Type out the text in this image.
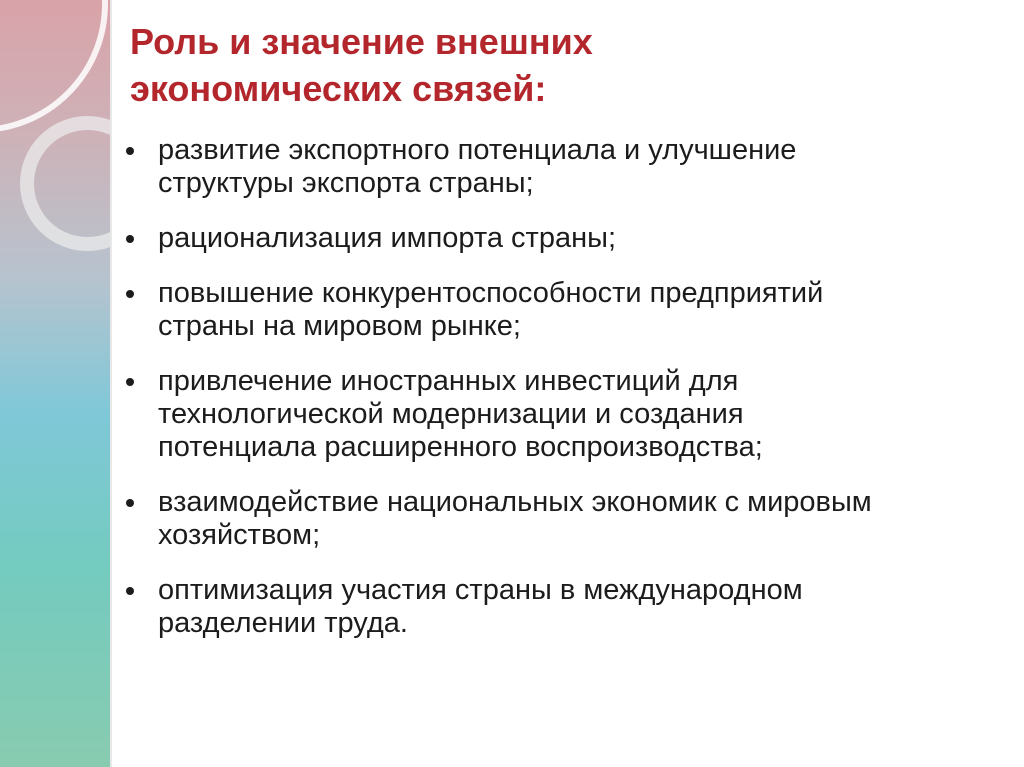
Роль и значение внешних
экономических связей:
развитие экспортного потенциала и улучшение
структуры экспорта страны;
рационализация импорта страны;
повышение конкурентоспособности предприятий
страны на мировом рынке;
привлечение иностранных инвестиций для
технологической модернизации и создания
потенциала расширенного воспроизводства;
взаимодействие национальных экономик с мировым
хозяйством;
оптимизация участия страны в международном
разделении труда.
